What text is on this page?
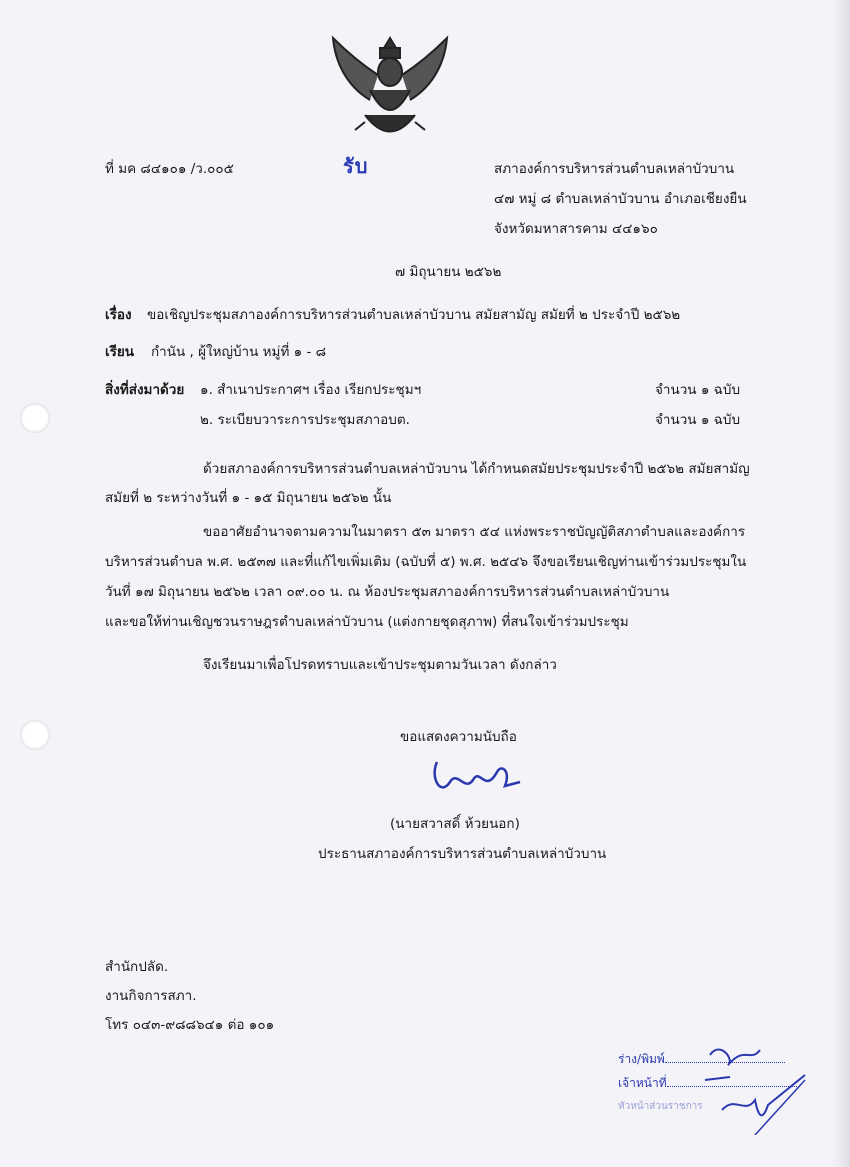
รับ
ที่ มค ๘๔๑๐๑ /ว.๐๐๕	สภาองค์การบริหารส่วนตำบลเหล่าบัวบาน
๔๗ หมู่ ๘ ตำบลเหล่าบัวบาน อำเภอเชียงยืน
จังหวัดมหาสารคาม ๔๔๑๖๐
๗ มิถุนายน ๒๕๖๒
เรื่อง ขอเชิญประชุมสภาองค์การบริหารส่วนตำบลเหล่าบัวบาน สมัยสามัญ สมัยที่ ๒ ประจำปี ๒๕๖๒
เรียน กำนัน , ผู้ใหญ่บ้าน หมู่ที่ ๑ - ๘
สิ่งที่ส่งมาด้วย ๑. สำเนาประกาศฯ เรื่อง เรียกประชุมฯ	จำนวน ๑ ฉบับ
๒. ระเบียบวาระการประชุมสภาอบต.	จำนวน ๑ ฉบับ
ด้วยสภาองค์การบริหารส่วนตำบลเหล่าบัวบาน ได้กำหนดสมัยประชุมประจำปี ๒๕๖๒ สมัยสามัญ
สมัยที่ ๒ ระหว่างวันที่ ๑ - ๑๕ มิถุนายน ๒๕๖๒ นั้น
ขออาศัยอำนาจตามความในมาตรา ๕๓ มาตรา ๕๔ แห่งพระราชบัญญัติสภาตำบลและองค์การ
บริหารส่วนตำบล พ.ศ. ๒๕๓๗ และที่แก้ไขเพิ่มเติม (ฉบับที่ ๕) พ.ศ. ๒๕๔๖ จึงขอเรียนเชิญท่านเข้าร่วมประชุมใน
วันที่ ๑๗ มิถุนายน ๒๕๖๒ เวลา ๐๙.๐๐ น. ณ ห้องประชุมสภาองค์การบริหารส่วนตำบลเหล่าบัวบาน
และขอให้ท่านเชิญชวนราษฎรตำบลเหล่าบัวบาน (แต่งกายชุดสุภาพ) ที่สนใจเข้าร่วมประชุม
จึงเรียนมาเพื่อโปรดทราบและเข้าประชุมตามวันเวลา ดังกล่าว
ขอแสดงความนับถือ
(นายสวาสดิ์ ห้วยนอก)
ประธานสภาองค์การบริหารส่วนตำบลเหล่าบัวบาน
สำนักปลัด.
งานกิจการสภา.
โทร ๐๔๓-๙๘๘๖๔๑ ต่อ ๑๐๑
ร่าง/พิมพ์
เจ้าหน้าที่
หัวหน้าส่วนราชการ
